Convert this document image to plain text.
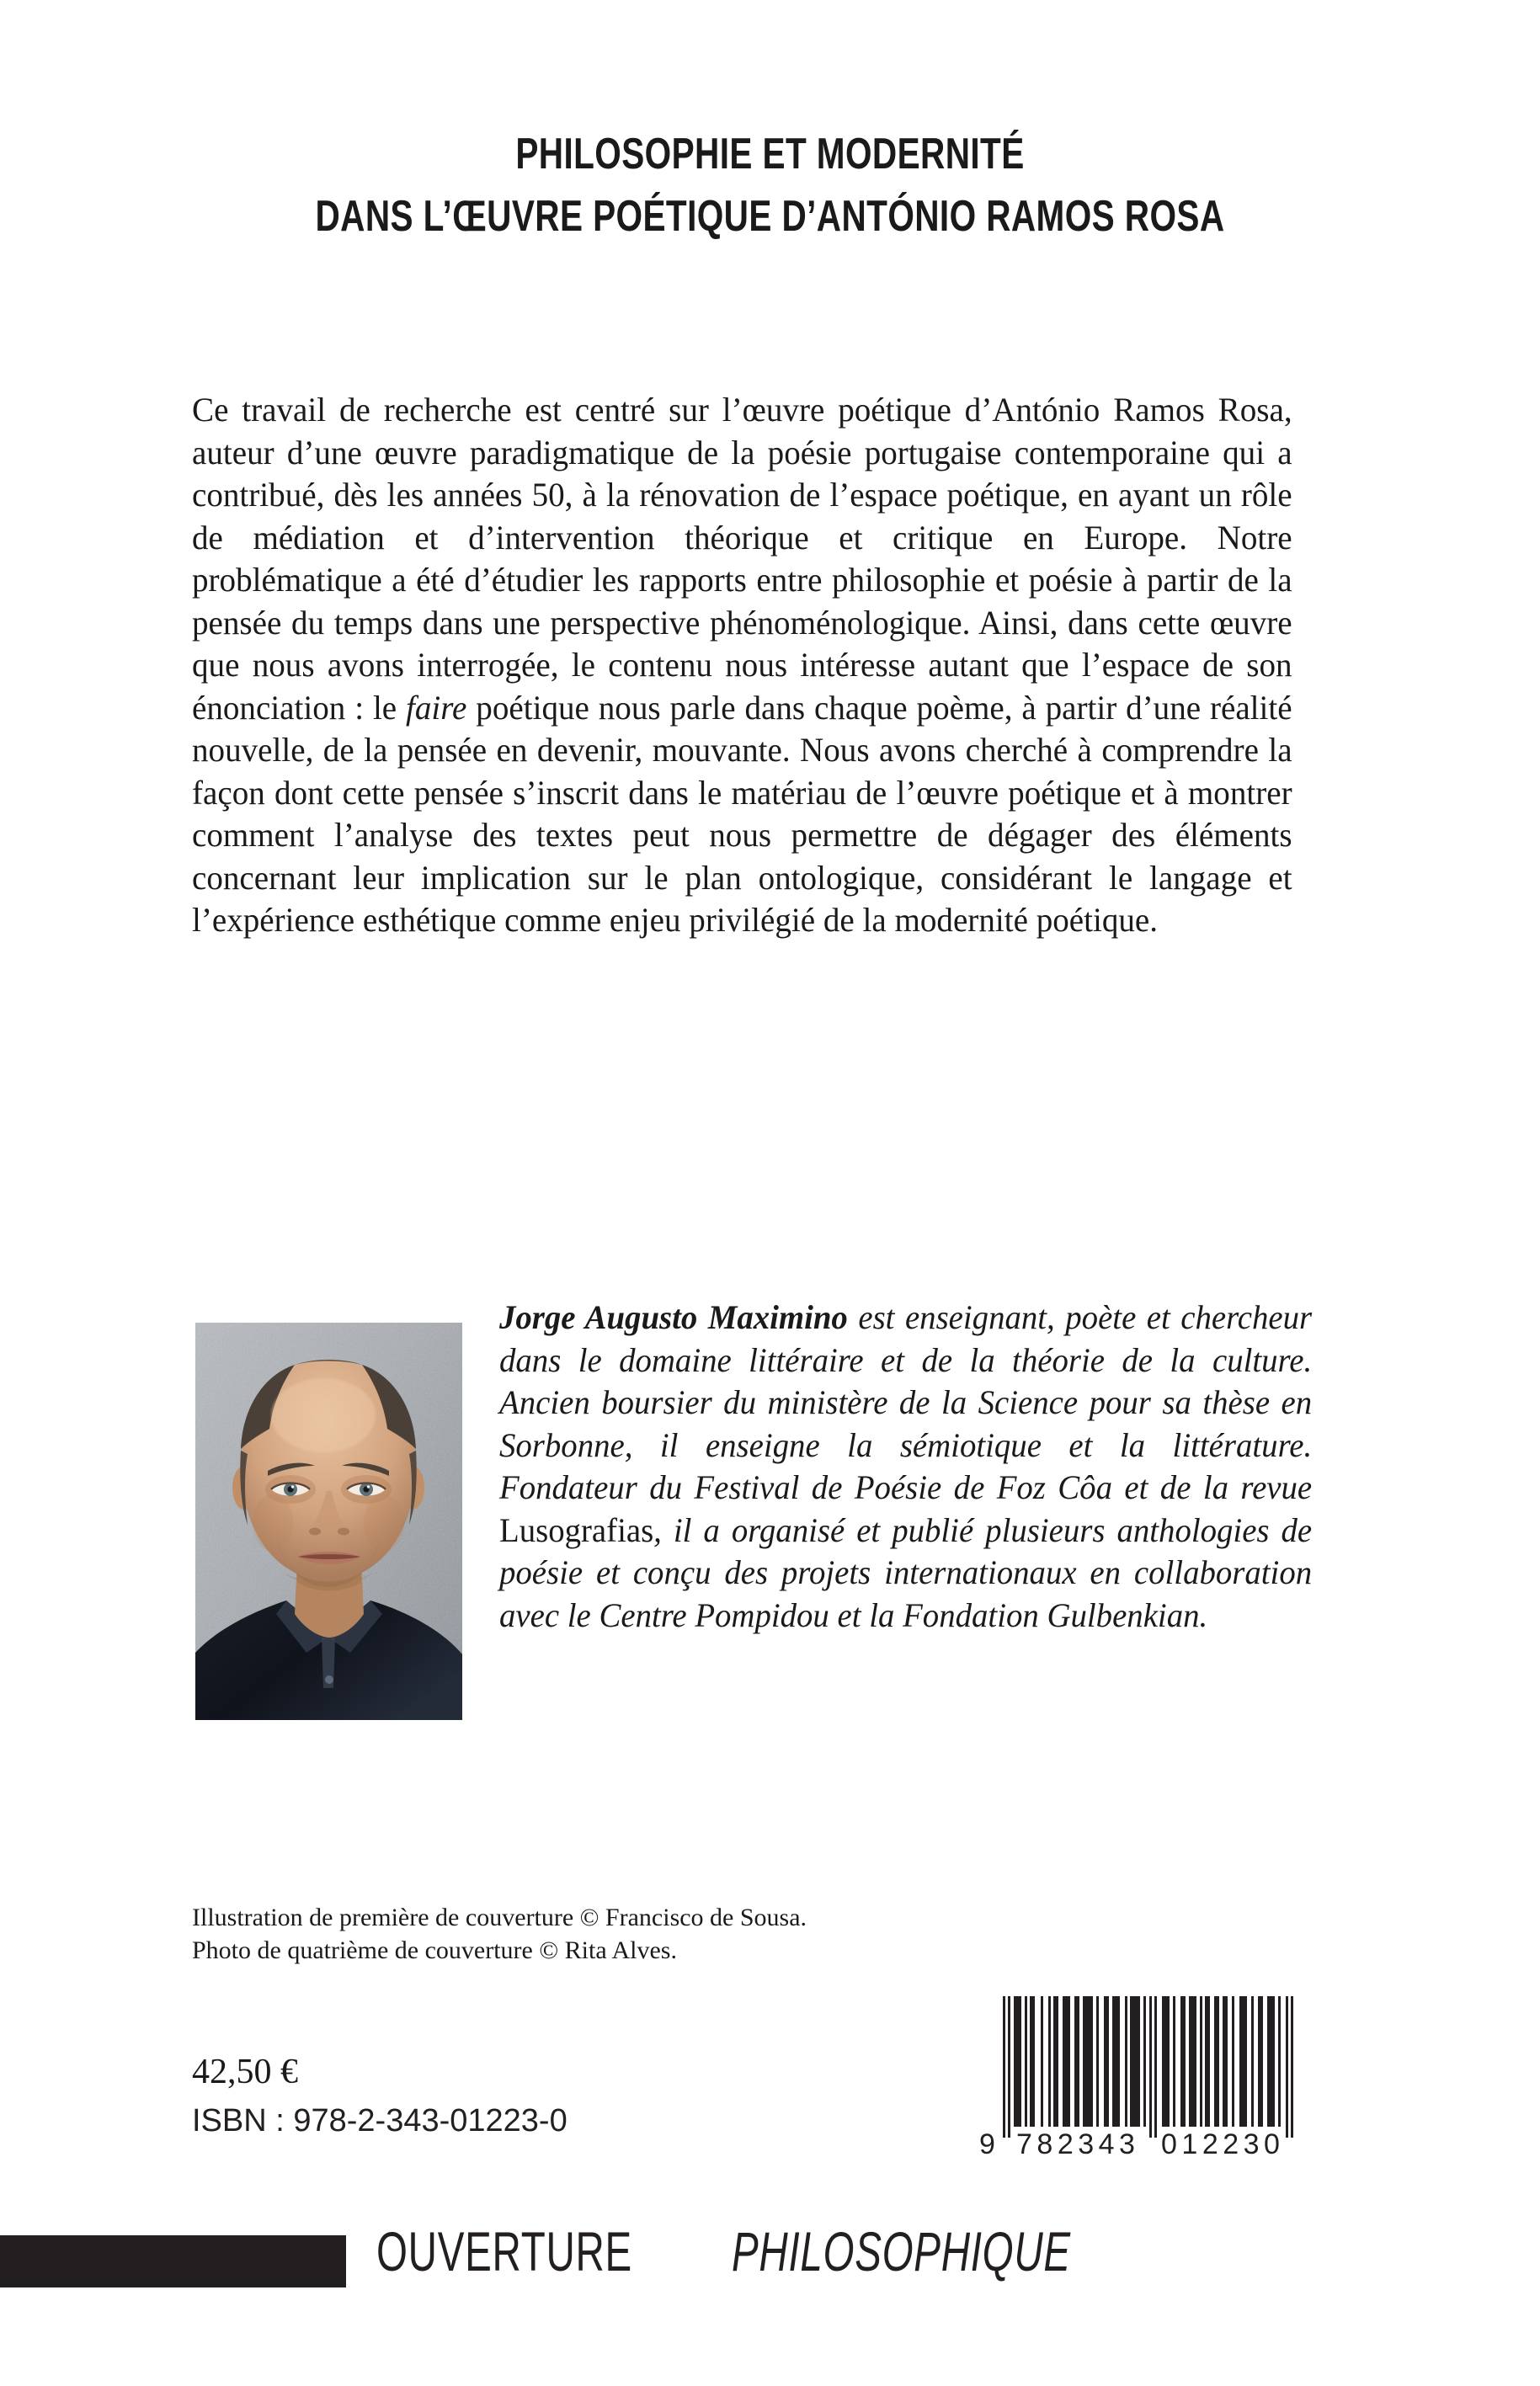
PHILOSOPHIE ET MODERNITÉ
DANS L’ŒUVRE POÉTIQUE D’ANTÓNIO RAMOS ROSA
Ce travail de recherche est centré sur l’œuvre poétique d’António Ramos Rosa, auteur d’une œuvre paradigmatique de la poésie portugaise contemporaine qui a contribué, dès les années 50, à la rénovation de l’espace poétique, en ayant un rôle de médiation et d’intervention théorique et critique en Europe. Notre problématique a été d’étudier les rapports entre philosophie et poésie à partir de la pensée du temps dans une perspective phénoménologique. Ainsi, dans cette œuvre que nous avons interrogée, le contenu nous intéresse autant que l’espace de son énonciation : le faire poétique nous parle dans chaque poème, à partir d’une réalité nouvelle, de la pensée en devenir, mouvante. Nous avons cherché à comprendre la façon dont cette pensée s’inscrit dans le matériau de l’œuvre poétique et à montrer comment l’analyse des textes peut nous permettre de dégager des éléments concernant leur implication sur le plan ontologique, considérant le langage et l’expérience esthétique comme enjeu privilégié de la modernité poétique.
Jorge Augusto Maximino est enseignant, poète et chercheur dans le domaine littéraire et de la théorie de la culture. Ancien boursier du ministère de la Science pour sa thèse en Sorbonne, il enseigne la sémiotique et la littérature. Fondateur du Festival de Poésie de Foz Côa et de la revue Lusografias, il a organisé et publié plusieurs anthologies de poésie et conçu des projets internationaux en collaboration avec le Centre Pompidou et la Fondation Gulbenkian.
Illustration de première de couverture © Francisco de Sousa.
Photo de quatrième de couverture © Rita Alves.
42,50 €
ISBN : 978-2-343-01223-0
9 782343 012230
OUVERTUREPHILOSOPHIQUE
